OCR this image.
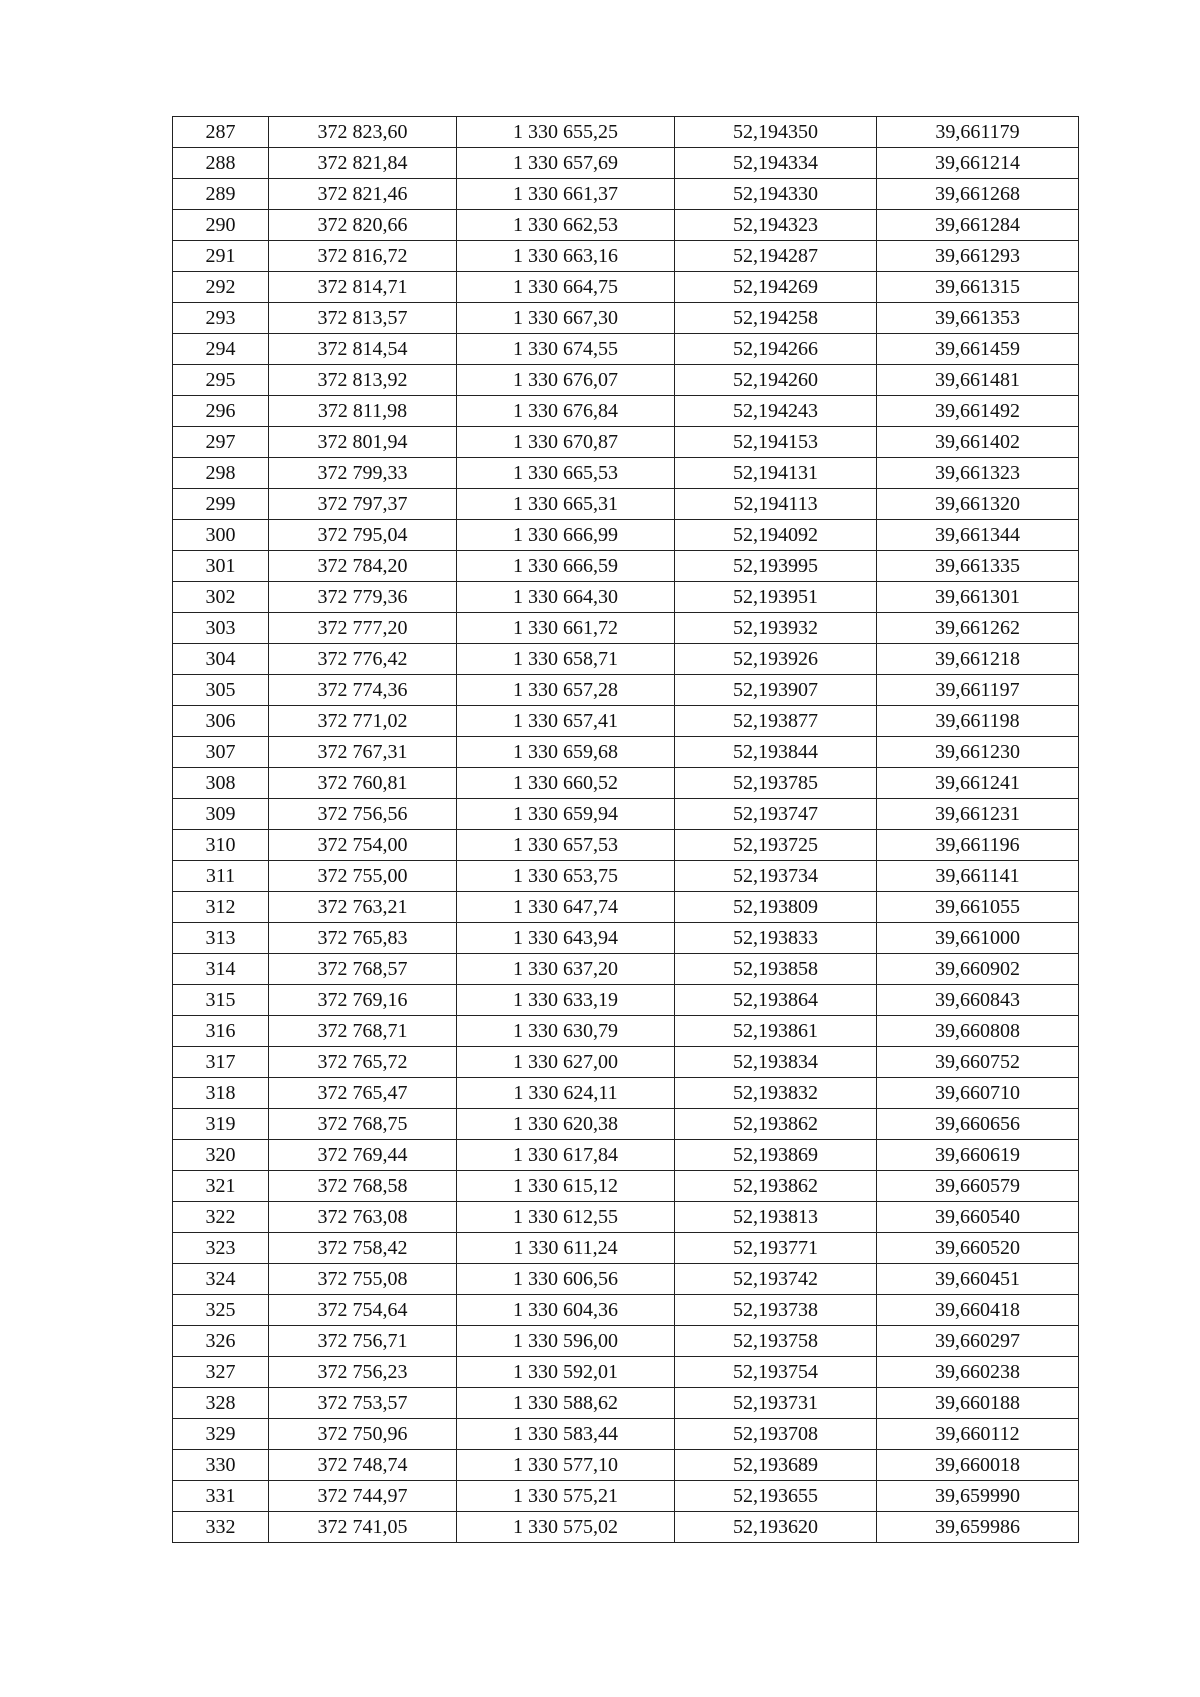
287	372 823,60	1 330 655,25	52,194350	39,661179
288	372 821,84	1 330 657,69	52,194334	39,661214
289	372 821,46	1 330 661,37	52,194330	39,661268
290	372 820,66	1 330 662,53	52,194323	39,661284
291	372 816,72	1 330 663,16	52,194287	39,661293
292	372 814,71	1 330 664,75	52,194269	39,661315
293	372 813,57	1 330 667,30	52,194258	39,661353
294	372 814,54	1 330 674,55	52,194266	39,661459
295	372 813,92	1 330 676,07	52,194260	39,661481
296	372 811,98	1 330 676,84	52,194243	39,661492
297	372 801,94	1 330 670,87	52,194153	39,661402
298	372 799,33	1 330 665,53	52,194131	39,661323
299	372 797,37	1 330 665,31	52,194113	39,661320
300	372 795,04	1 330 666,99	52,194092	39,661344
301	372 784,20	1 330 666,59	52,193995	39,661335
302	372 779,36	1 330 664,30	52,193951	39,661301
303	372 777,20	1 330 661,72	52,193932	39,661262
304	372 776,42	1 330 658,71	52,193926	39,661218
305	372 774,36	1 330 657,28	52,193907	39,661197
306	372 771,02	1 330 657,41	52,193877	39,661198
307	372 767,31	1 330 659,68	52,193844	39,661230
308	372 760,81	1 330 660,52	52,193785	39,661241
309	372 756,56	1 330 659,94	52,193747	39,661231
310	372 754,00	1 330 657,53	52,193725	39,661196
311	372 755,00	1 330 653,75	52,193734	39,661141
312	372 763,21	1 330 647,74	52,193809	39,661055
313	372 765,83	1 330 643,94	52,193833	39,661000
314	372 768,57	1 330 637,20	52,193858	39,660902
315	372 769,16	1 330 633,19	52,193864	39,660843
316	372 768,71	1 330 630,79	52,193861	39,660808
317	372 765,72	1 330 627,00	52,193834	39,660752
318	372 765,47	1 330 624,11	52,193832	39,660710
319	372 768,75	1 330 620,38	52,193862	39,660656
320	372 769,44	1 330 617,84	52,193869	39,660619
321	372 768,58	1 330 615,12	52,193862	39,660579
322	372 763,08	1 330 612,55	52,193813	39,660540
323	372 758,42	1 330 611,24	52,193771	39,660520
324	372 755,08	1 330 606,56	52,193742	39,660451
325	372 754,64	1 330 604,36	52,193738	39,660418
326	372 756,71	1 330 596,00	52,193758	39,660297
327	372 756,23	1 330 592,01	52,193754	39,660238
328	372 753,57	1 330 588,62	52,193731	39,660188
329	372 750,96	1 330 583,44	52,193708	39,660112
330	372 748,74	1 330 577,10	52,193689	39,660018
331	372 744,97	1 330 575,21	52,193655	39,659990
332	372 741,05	1 330 575,02	52,193620	39,659986
